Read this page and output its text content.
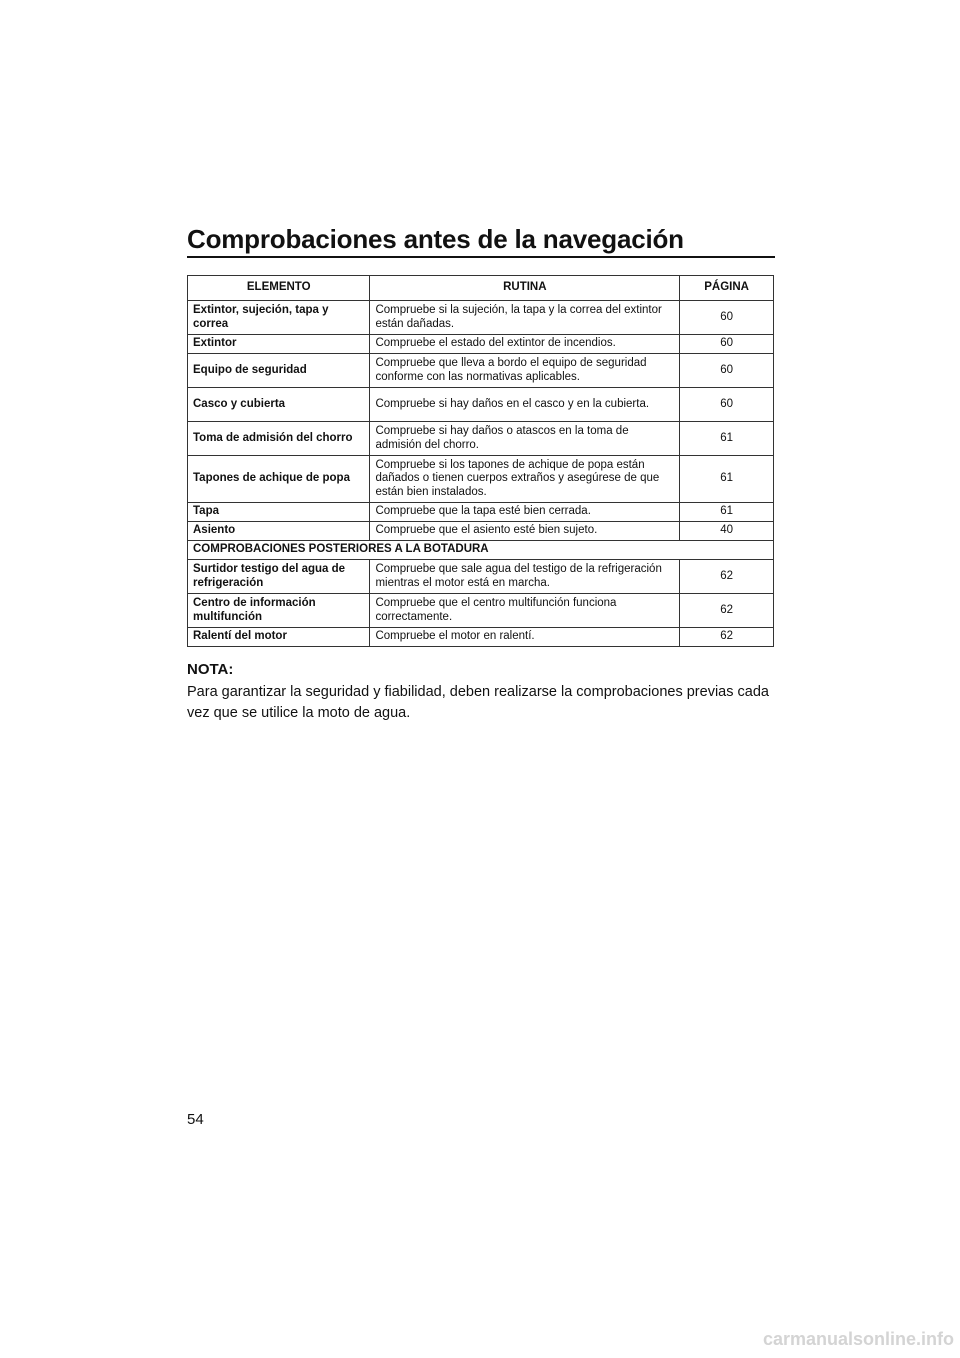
Comprobaciones antes de la navegación
ELEMENTO	RUTINA	PÁGINA
Extintor, sujeción, tapa y correa	Compruebe si la sujeción, la tapa y la correa del extintor están dañadas.	60
Extintor	Compruebe el estado del extintor de incendios.	60
Equipo de seguridad	Compruebe que lleva a bordo el equipo de seguridad conforme con las normativas aplicables.	60
Casco y cubierta	Compruebe si hay daños en el casco y en la cubierta.	60
Toma de admisión del chorro	Compruebe si hay daños o atascos en la toma de admisión del chorro.	61
Tapones de achique de popa	Compruebe si los tapones de achique de popa están dañados o tienen cuerpos extraños y asegúrese de que están bien instalados.	61
Tapa	Compruebe que la tapa esté bien cerrada.	61
Asiento	Compruebe que el asiento esté bien sujeto.	40
COMPROBACIONES POSTERIORES A LA BOTADURA		
Surtidor testigo del agua de refrigeración	Compruebe que sale agua del testigo de la refrigeración mientras el motor está en marcha.	62
Centro de información multifunción	Compruebe que el centro multifunción funciona correctamente.	62
Ralentí del motor	Compruebe el motor en ralentí.	62
NOTA:
Para garantizar la seguridad y fiabilidad, deben realizarse la comprobaciones previas cada vez que se utilice la moto de agua.
54
carmanualsonline.info
